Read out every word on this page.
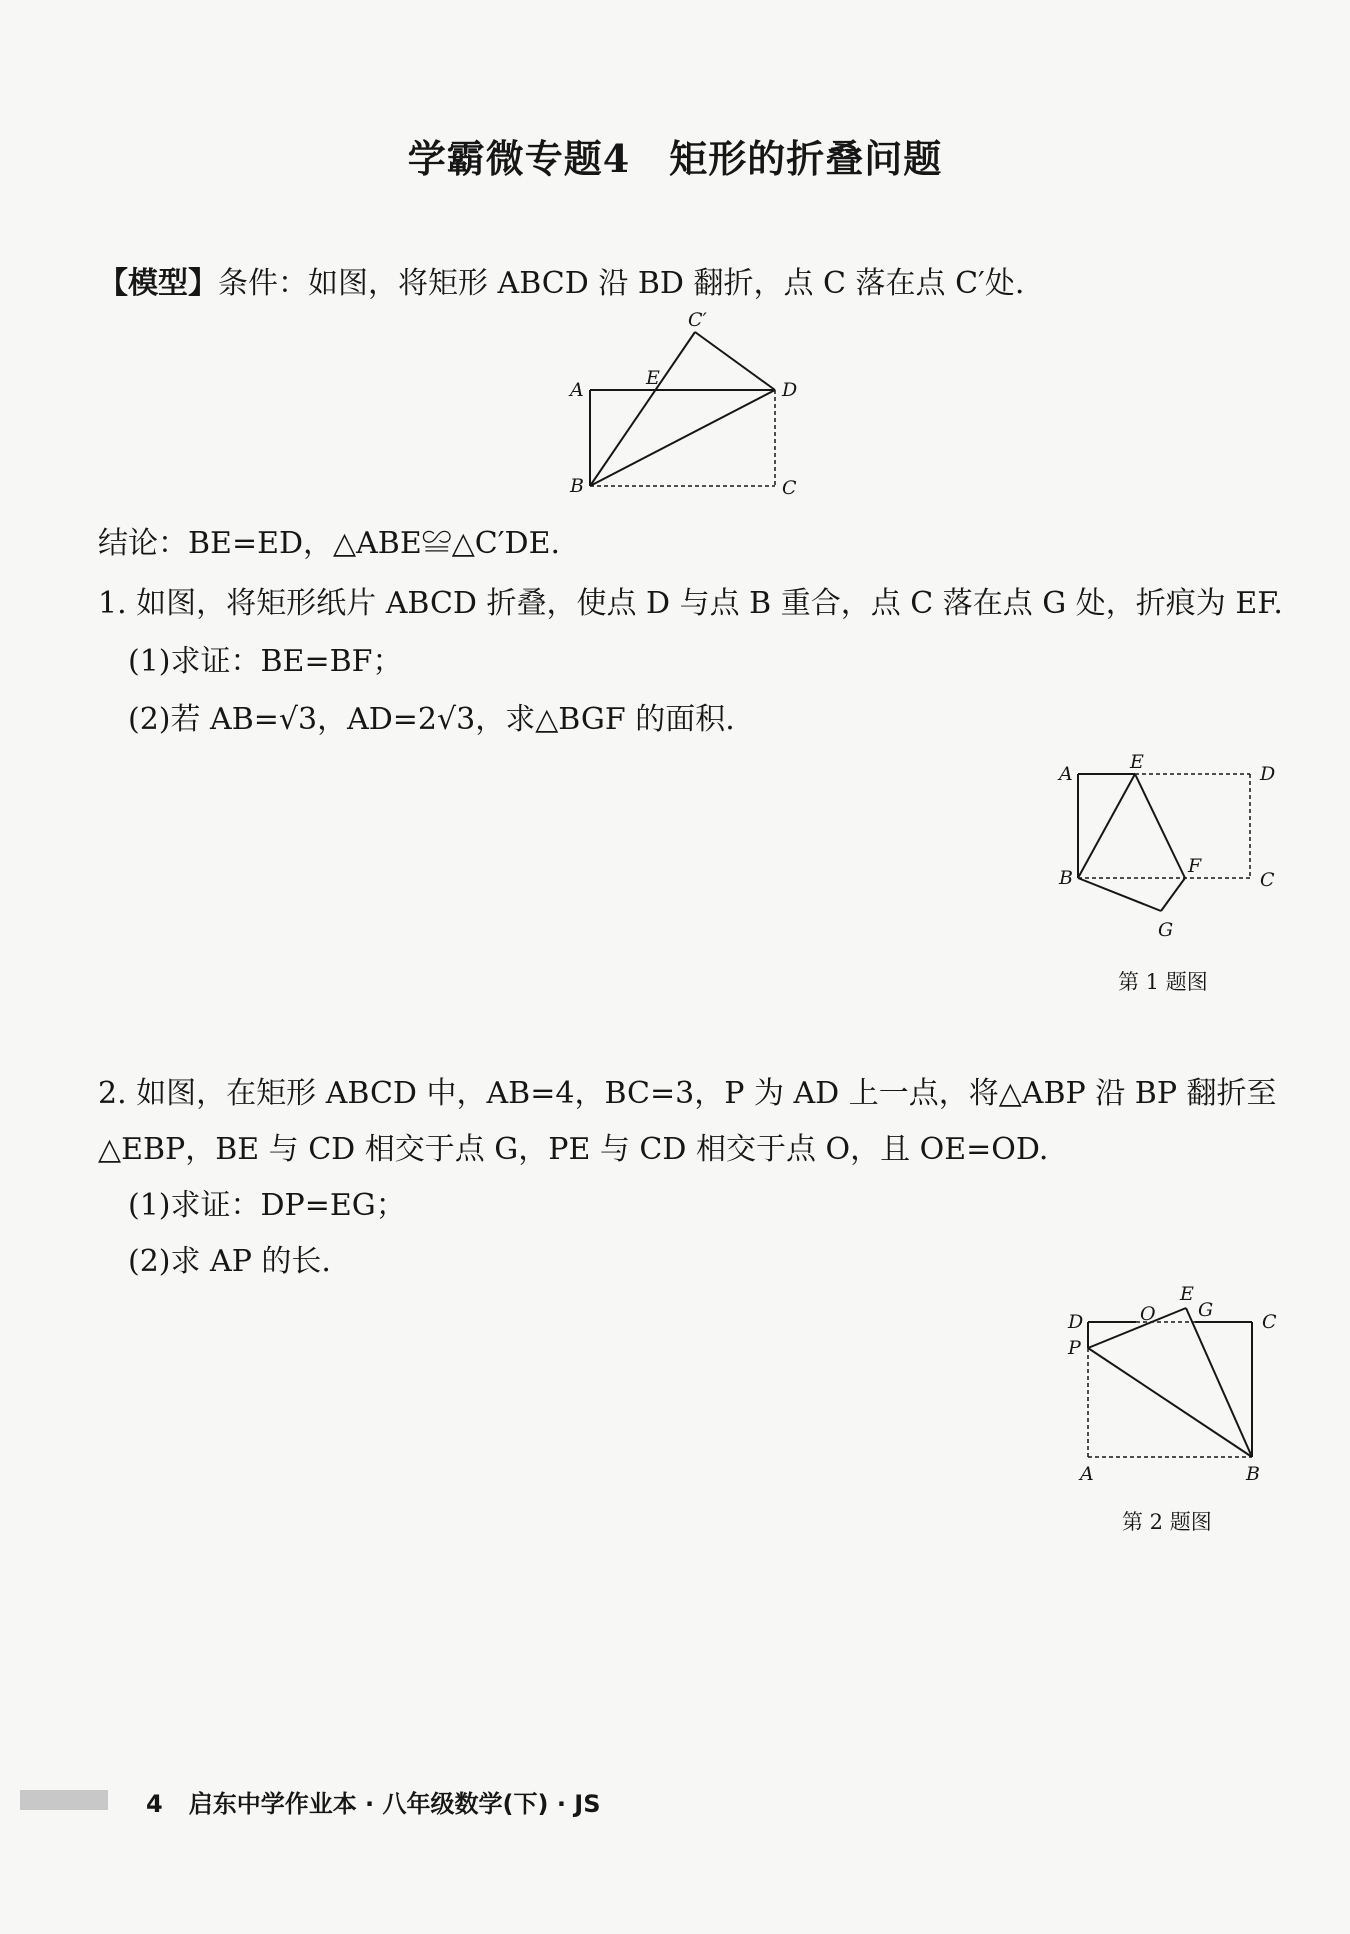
学霸微专题4　矩形的折叠问题
【模型】条件：如图，将矩形 ABCD 沿 BD 翻折，点 C 落在点 C′处.
C′
A
E
D
B	C
结论：BE=ED，△ABE≌△C′DE.
1. 如图，将矩形纸片 ABCD 折叠，使点 D 与点 B 重合，点 C 落在点 G 处，折痕为 EF.
(1)求证：BE=BF；
(2)若 AB=√3，AD=2√3，求△BGF 的面积.
A
E
D
B
F
C
G
第 1 题图
2. 如图，在矩形 ABCD 中，AB=4，BC=3，P 为 AD 上一点，将△ABP 沿 BP 翻折至
△EBP，BE 与 CD 相交于点 G，PE 与 CD 相交于点 O，且 OE=OD.
(1)求证：DP=EG；
(2)求 AP 的长.
D	O
E
G
C
P
A	B
第 2 题图
4 启东中学作业本 · 八年级数学(下) · JS
